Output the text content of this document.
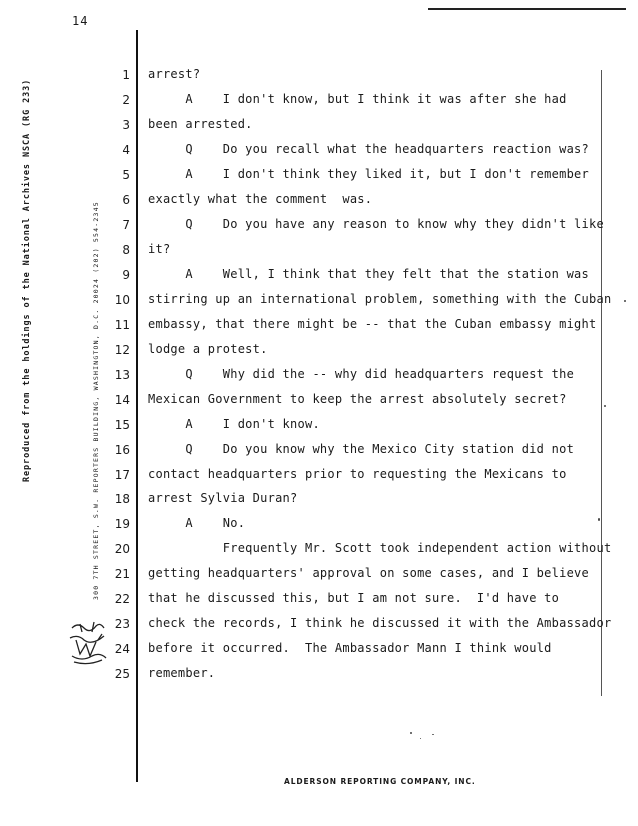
14
Reproduced from the holdings of the National Archives NSCA (RG 233)	300 7TH STREET, S.W. REPORTERS BUILDING, WASHINGTON, D.C. 20024 (202) 554-2345
1 arrest?
2 A    I don't know, but I think it was after she had
3 been arrested.
4 Q    Do you recall what the headquarters reaction was?
5 A    I don't think they liked it, but I don't remember
6 exactly what the comment  was.
7 Q    Do you have any reason to know why they didn't like
8 it?
9 A    Well, I think that they felt that the station was
10 stirring up an international problem, something with the Cuban
11 embassy, that there might be -- that the Cuban embassy might
12 lodge a protest.
13 Q    Why did the -- why did headquarters request the
14 Mexican Government to keep the arrest absolutely secret?
15 A    I don't know.
16 Q    Do you know why the Mexico City station did not
17 contact headquarters prior to requesting the Mexicans to
18 arrest Sylvia Duran?
19 A    No.
20 Frequently Mr. Scott took independent action without
21 getting headquarters' approval on some cases, and I believe
22 that he discussed this, but I am not sure.  I'd have to
23 check the records, I think he discussed it with the Ambassador
24 before it occurred.  The Ambassador Mann I think would
25 remember.
ALDERSON REPORTING COMPANY, INC.
